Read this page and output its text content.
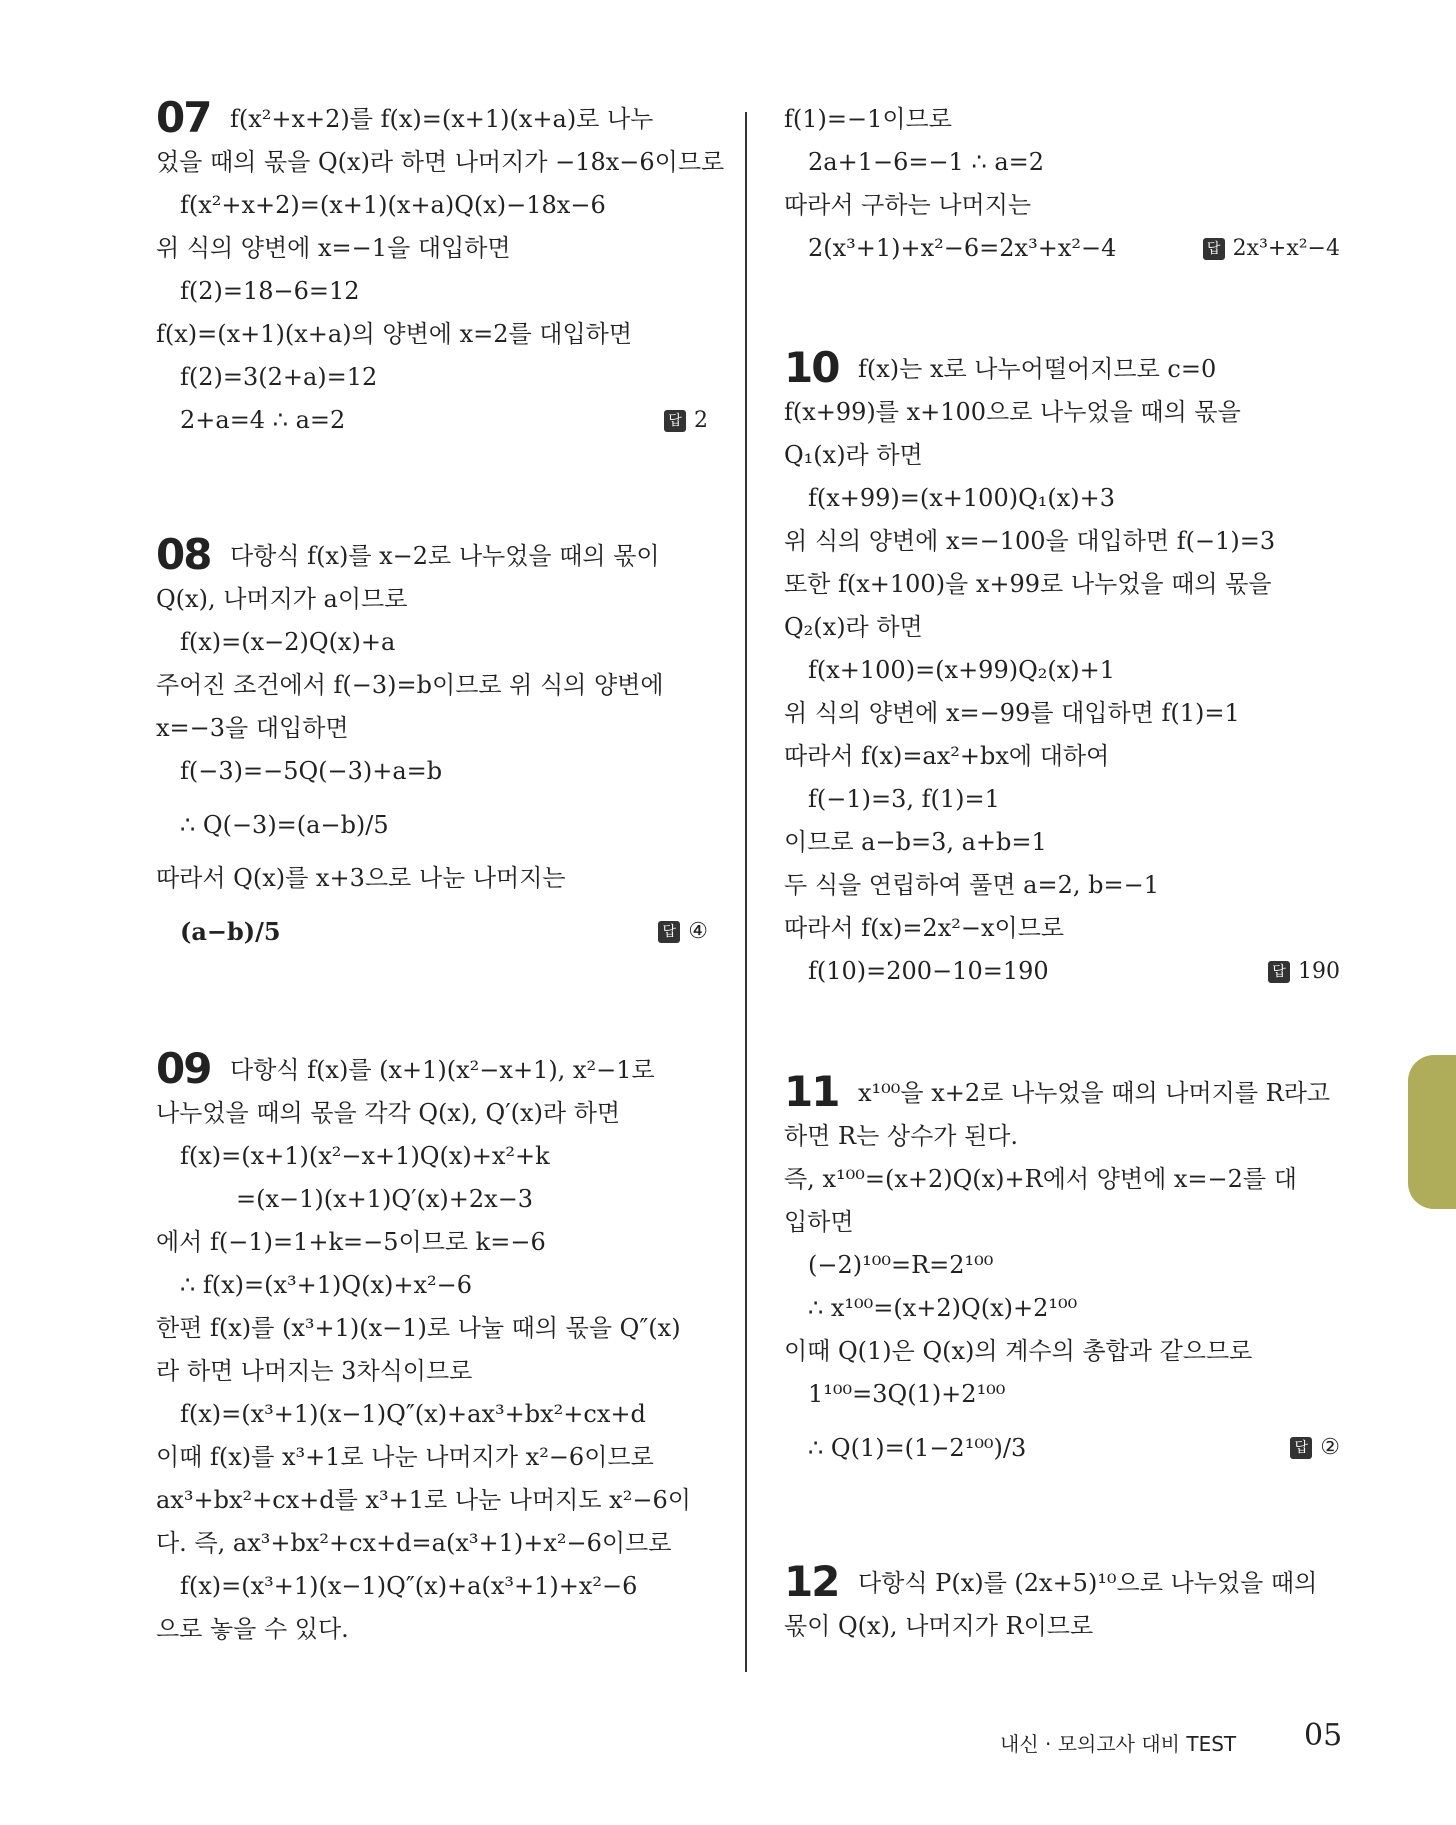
07 f(x²+x+2)를 f(x)=(x+1)(x+a)로 나누
었을 때의 몫을 Q(x)라 하면 나머지가 −18x−6이므로
f(x²+x+2)=(x+1)(x+a)Q(x)−18x−6
위 식의 양변에 x=−1을 대입하면
f(2)=18−6=12
f(x)=(x+1)(x+a)의 양변에 x=2를 대입하면
f(2)=3(2+a)=12
2+a=4 ∴ a=2	답 2
08 다항식 f(x)를 x−2로 나누었을 때의 몫이
Q(x), 나머지가 a이므로
f(x)=(x−2)Q(x)+a
주어진 조건에서 f(−3)=b이므로 위 식의 양변에
x=−3을 대입하면
f(−3)=−5Q(−3)+a=b
∴ Q(−3)=(a−b)/5
따라서 Q(x)를 x+3으로 나눈 나머지는
(a−b)/5	답 ④
09 다항식 f(x)를 (x+1)(x²−x+1), x²−1로
나누었을 때의 몫을 각각 Q(x), Q′(x)라 하면
f(x)=(x+1)(x²−x+1)Q(x)+x²+k
=(x−1)(x+1)Q′(x)+2x−3
에서 f(−1)=1+k=−5이므로 k=−6
∴ f(x)=(x³+1)Q(x)+x²−6
한편 f(x)를 (x³+1)(x−1)로 나눌 때의 몫을 Q″(x)
라 하면 나머지는 3차식이므로
f(x)=(x³+1)(x−1)Q″(x)+ax³+bx²+cx+d
이때 f(x)를 x³+1로 나눈 나머지가 x²−6이므로
ax³+bx²+cx+d를 x³+1로 나눈 나머지도 x²−6이
다. 즉, ax³+bx²+cx+d=a(x³+1)+x²−6이므로
f(x)=(x³+1)(x−1)Q″(x)+a(x³+1)+x²−6
으로 놓을 수 있다.
f(1)=−1이므로
2a+1−6=−1 ∴ a=2
따라서 구하는 나머지는
2(x³+1)+x²−6=2x³+x²−4	답 2x³+x²−4
10 f(x)는 x로 나누어떨어지므로 c=0
f(x+99)를 x+100으로 나누었을 때의 몫을
Q₁(x)라 하면
f(x+99)=(x+100)Q₁(x)+3
위 식의 양변에 x=−100을 대입하면 f(−1)=3
또한 f(x+100)을 x+99로 나누었을 때의 몫을
Q₂(x)라 하면
f(x+100)=(x+99)Q₂(x)+1
위 식의 양변에 x=−99를 대입하면 f(1)=1
따라서 f(x)=ax²+bx에 대하여
f(−1)=3, f(1)=1
이므로 a−b=3, a+b=1
두 식을 연립하여 풀면 a=2, b=−1
따라서 f(x)=2x²−x이므로
f(10)=200−10=190	답 190
11 x¹⁰⁰을 x+2로 나누었을 때의 나머지를 R라고
하면 R는 상수가 된다.
즉, x¹⁰⁰=(x+2)Q(x)+R에서 양변에 x=−2를 대
입하면
(−2)¹⁰⁰=R=2¹⁰⁰
∴ x¹⁰⁰=(x+2)Q(x)+2¹⁰⁰
이때 Q(1)은 Q(x)의 계수의 총합과 같으므로
1¹⁰⁰=3Q(1)+2¹⁰⁰
∴ Q(1)=(1−2¹⁰⁰)/3	답 ②
12 다항식 P(x)를 (2x+5)¹⁰으로 나누었을 때의
몫이 Q(x), 나머지가 R이므로
내신 · 모의고사 대비 TEST 05
